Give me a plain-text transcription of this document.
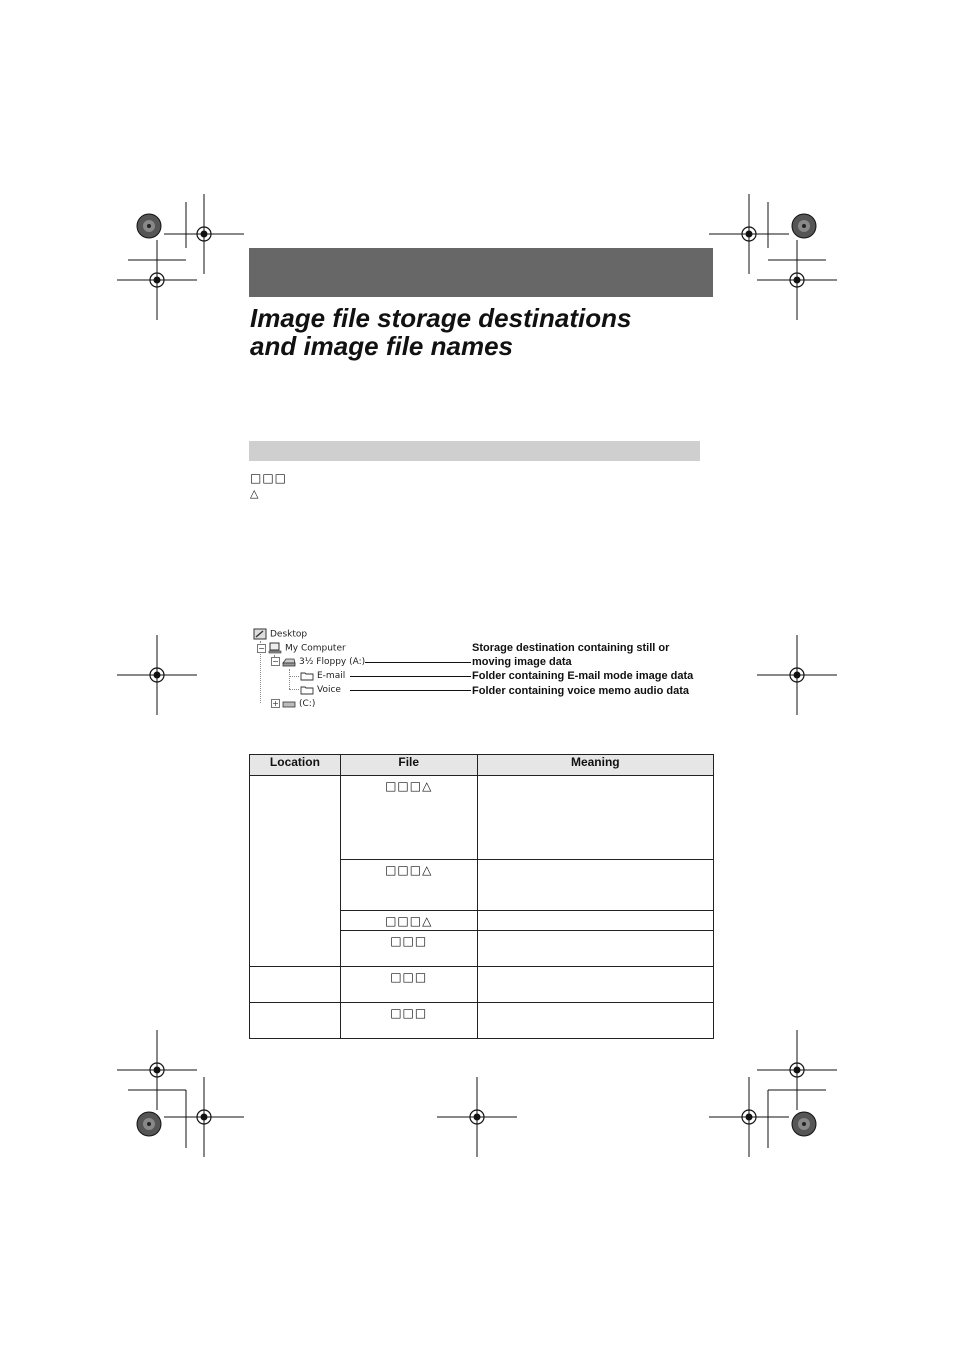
Image file storage destinations
and image file names
□□□
△
Desktop
− My Computer
− 3½ Floppy (A:)
E-mail
Voice
+ (C:)
Storage destination containing still or
moving image data
Folder containing E-mail mode image data
Folder containing voice memo audio data
Location	File	Meaning
	□□□△	
	□□□△	
	□□□△	
	□□□	
	□□□	
	□□□	
